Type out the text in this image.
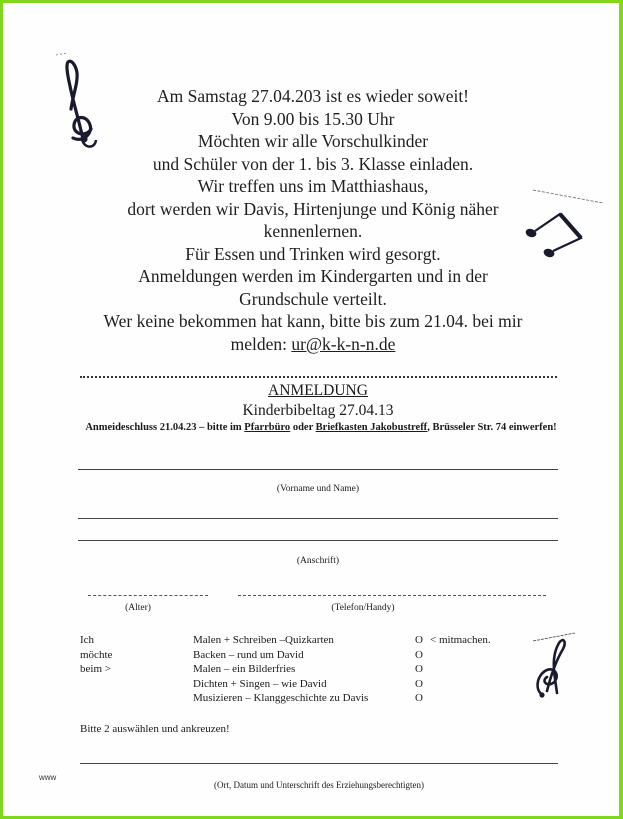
Am Samstag 27.04.203 ist es wieder soweit!
Von 9.00 bis 15.30 Uhr
Möchten wir alle Vorschulkinder
und Schüler von der 1. bis 3. Klasse einladen.
Wir treffen uns im Matthiashaus,
dort werden wir Davis, Hirtenjunge und König näher
kennenlernen.
Für Essen und Trinken wird gesorgt.
Anmeldungen werden im Kindergarten und in der
Grundschule verteilt.
Wer keine bekommen hat kann, bitte bis zum 21.04. bei mir
melden: ur@k-k-n-n.de
ANMELDUNG
Kinderbibeltag 27.04.13
Anmeideschluss 21.04.23 – bitte im Pfarrbüro oder Briefkasten Jakobustreff, Brüsseler Str. 74 einwerfen!
(Vorname und Name)
(Anschrift)
(Alter)	(Telefon/Handy)
Ich möchte beim >
Malen + Schreiben –Quizkarten	O < mitmachen.
Backen – rund um David	O
Malen – ein Bilderfries	O
Dichten + Singen – wie David	O
Musizieren – Klanggeschichte zu Davis	O
Bitte 2 auswählen und ankreuzen!
(Ort, Datum und Unterschrift des Erziehungsberechtigten)
www
